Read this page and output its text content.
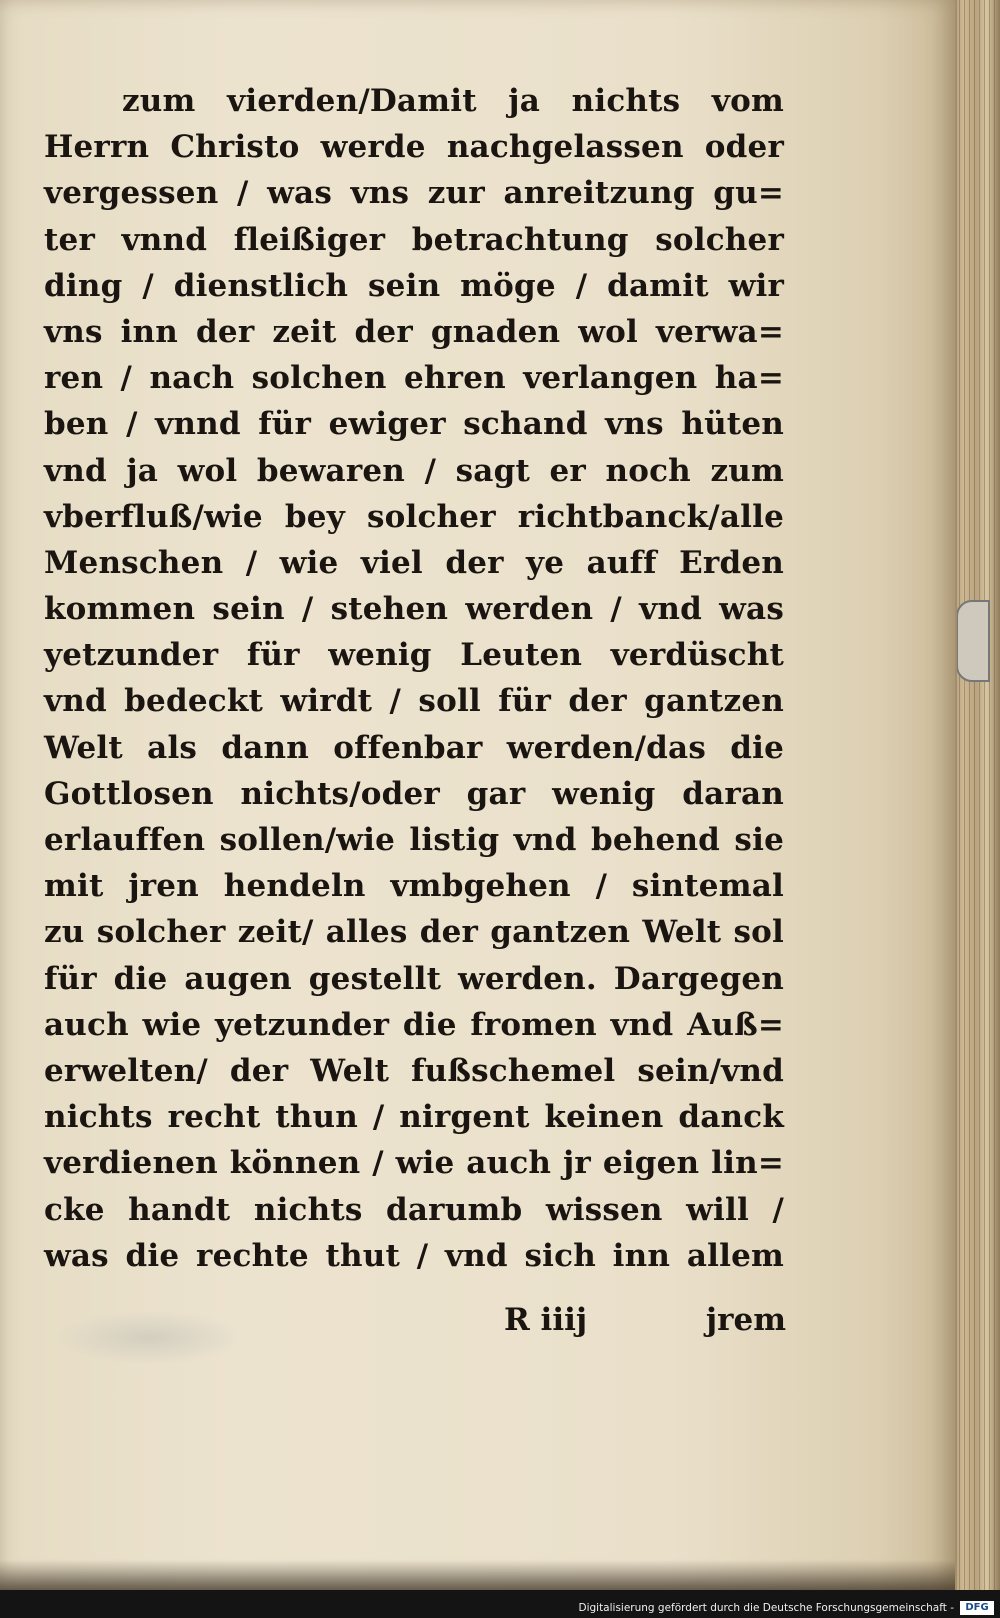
zum vierden/Damit ja nichts vom
Herrn Christo werde nachgelassen oder
vergessen / was vns zur anreitzung gu=
ter vnnd fleißiger betrachtung solcher
ding / dienstlich sein möge / damit wir
vns inn der zeit der gnaden wol verwa=
ren / nach solchen ehren verlangen ha=
ben / vnnd für ewiger schand vns hüten
vnd ja wol bewaren / sagt er noch zum
vberfluß/wie bey solcher richtbanck/alle
Menschen / wie viel der ye auff Erden
kommen sein / stehen werden / vnd was
yetzunder für wenig Leuten verdüscht
vnd bedeckt wirdt / soll für der gantzen
Welt als dann offenbar werden/das die
Gottlosen nichts/oder gar wenig daran
erlauffen sollen/wie listig vnd behend sie
mit jren hendeln vmbgehen / sintemal
zu solcher zeit/ alles der gantzen Welt sol
für die augen gestellt werden. Dargegen
auch wie yetzunder die fromen vnd Auß=
erwelten/ der Welt fußschemel sein/vnd
nichts recht thun / nirgent keinen danck
verdienen können / wie auch jr eigen lin=
cke handt nichts darumb wissen will /
was die rechte thut / vnd sich inn allem
R iiij	jrem
Digitalisierung gefördert durch die Deutsche Forschungsgemeinschaft -	DFG
